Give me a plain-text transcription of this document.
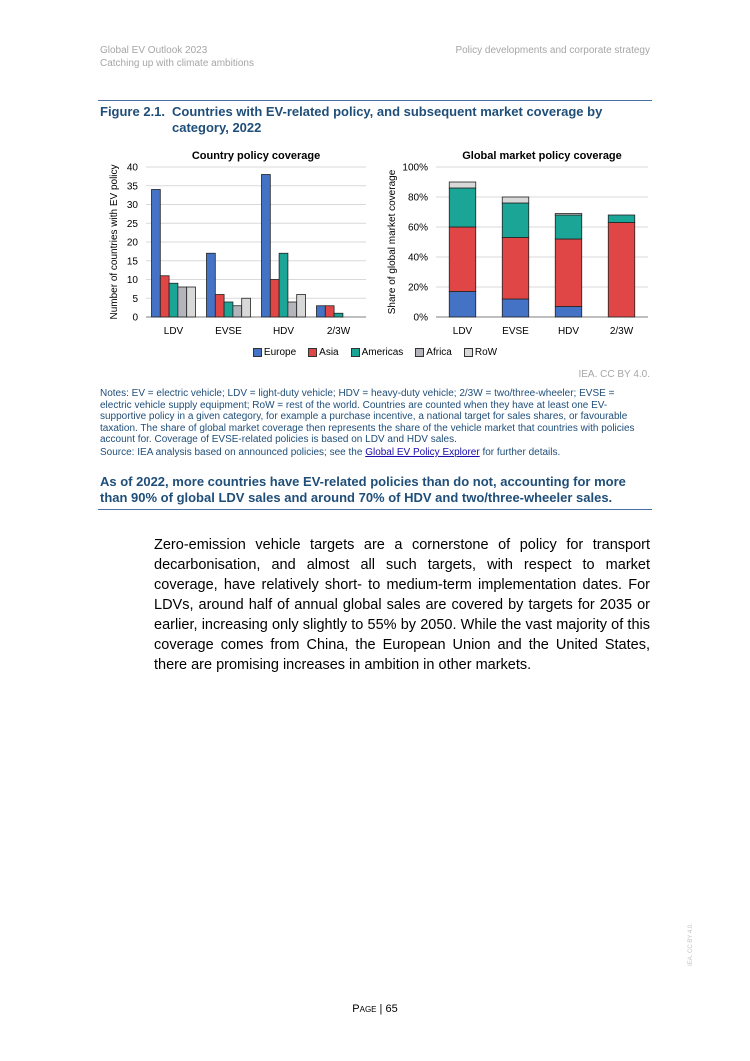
Global EV Outlook 2023
Catching up with climate ambitions
Policy developments and corporate strategy
Figure 2.1. Countries with EV-related policy, and subsequent market coverage by category, 2022
Country policy coverage
Number of countries with EV policy 0
5
10
15
20
25
30
35
40
LDV	EVSE	HDV	2/3W
Global market policy coverage
Share of global market coverage
0%
20%
40%
60%
80%
100%
LDV	EVSE	HDV	2/3W
Europe Asia Americas Africa RoW
IEA. CC BY 4.0.
Notes: EV = electric vehicle; LDV = light-duty vehicle; HDV = heavy-duty vehicle; 2/3W = two/three-wheeler; EVSE = electric vehicle supply equipment; RoW = rest of the world. Countries are counted when they have at least one EV-supportive policy in a given category, for example a purchase incentive, a national target for sales shares, or favourable taxation. The share of global market coverage then represents the share of the vehicle market that countries with policies account for. Coverage of EVSE-related policies is based on LDV and HDV sales.
Source: IEA analysis based on announced policies; see the Global EV Policy Explorer for further details.
As of 2022, more countries have EV-related policies than do not, accounting for more than 90% of global LDV sales and around 70% of HDV and two/three-wheeler sales.
Zero-emission vehicle targets are a cornerstone of policy for transport decarbonisation, and almost all such targets, with respect to market coverage, have relatively short- to medium-term implementation dates. For LDVs, around half of annual global sales are covered by targets for 2035 or earlier, increasing only slightly to 55% by 2050. While the vast majority of this coverage comes from China, the European Union and the United States, there are promising increases in ambition in other markets.
Page | 65
IEA. CC BY 4.0.
